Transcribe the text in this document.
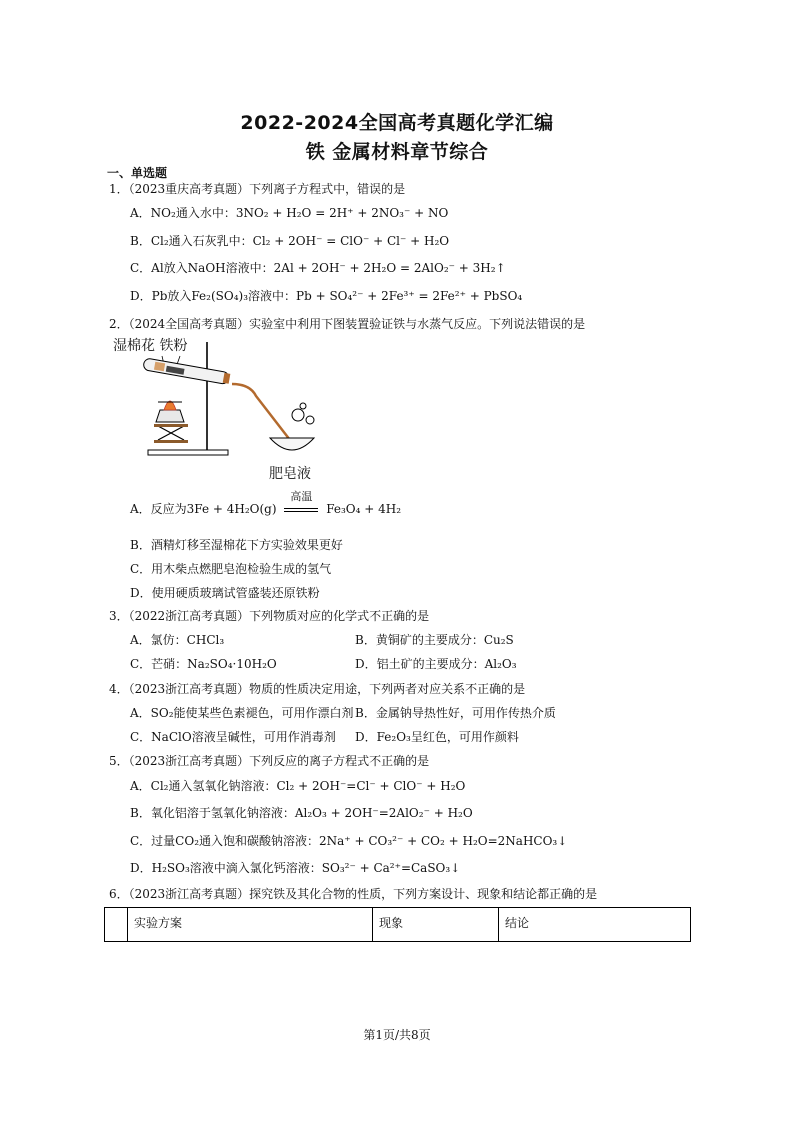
2022-2024全国高考真题化学汇编
铁 金属材料章节综合
一、单选题
1．（2023重庆高考真题）下列离子方程式中，错误的是
A．NO₂通入水中：3NO₂ + H₂O = 2H⁺ + 2NO₃⁻ + NO
B．Cl₂通入石灰乳中：Cl₂ + 2OH⁻ = ClO⁻ + Cl⁻ + H₂O
C．Al放入NaOH溶液中：2Al + 2OH⁻ + 2H₂O = 2AlO₂⁻ + 3H₂↑
D．Pb放入Fe₂(SO₄)₃溶液中：Pb + SO₄²⁻ + 2Fe³⁺ = 2Fe²⁺ + PbSO₄
2．（2024全国高考真题）实验室中利用下图装置验证铁与水蒸气反应。下列说法错误的是
湿棉花 铁粉
肥皂液
A．反应为3Fe + 4H₂O(g)
高温
Fe₃O₄ + 4H₂
B．酒精灯移至湿棉花下方实验效果更好
C．用木柴点燃肥皂泡检验生成的氢气
D．使用硬质玻璃试管盛装还原铁粉
3．（2022浙江高考真题）下列物质对应的化学式不正确的是
A．氯仿：CHCl₃	B．黄铜矿的主要成分：Cu₂S
C．芒硝：Na₂SO₄·10H₂O	D．铝土矿的主要成分：Al₂O₃
4．（2023浙江高考真题）物质的性质决定用途，下列两者对应关系不正确的是
A．SO₂能使某些色素褪色，可用作漂白剂 B．金属钠导热性好，可用作传热介质
C．NaClO溶液呈碱性，可用作消毒剂 D．Fe₂O₃呈红色，可用作颜料
5．（2023浙江高考真题）下列反应的离子方程式不正确的是
A．Cl₂通入氢氧化钠溶液：Cl₂ + 2OH⁻=Cl⁻ + ClO⁻ + H₂O
B．氧化铝溶于氢氧化钠溶液：Al₂O₃ + 2OH⁻=2AlO₂⁻ + H₂O
C．过量CO₂通入饱和碳酸钠溶液：2Na⁺ + CO₃²⁻ + CO₂ + H₂O=2NaHCO₃↓
D．H₂SO₃溶液中滴入氯化钙溶液：SO₃²⁻ + Ca²⁺=CaSO₃↓
6．（2023浙江高考真题）探究铁及其化合物的性质，下列方案设计、现象和结论都正确的是
	实验方案	现象	结论
第1页/共8页
